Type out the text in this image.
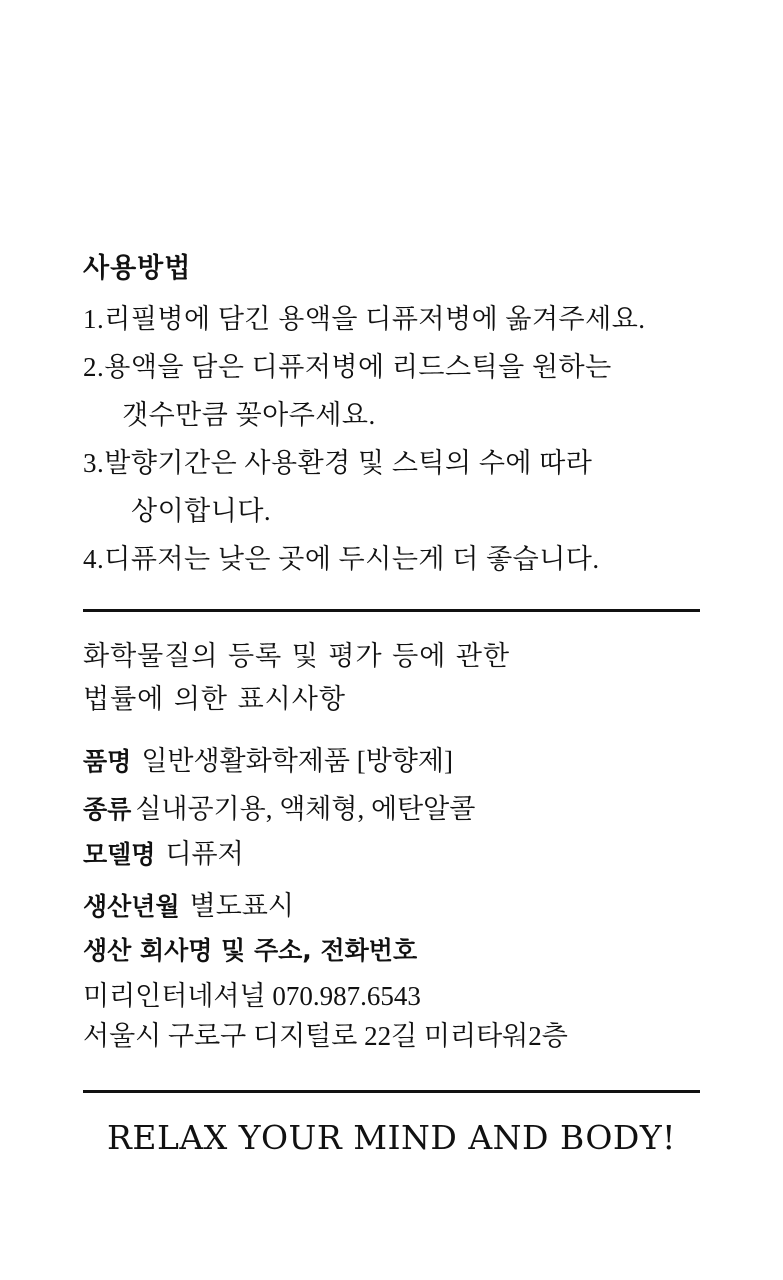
사용방법
1.리필병에 담긴 용액을 디퓨저병에 옮겨주세요.
2.용액을 담은 디퓨저병에 리드스틱을 원하는
갯수만큼 꽂아주세요.
3.발향기간은 사용환경 및 스틱의 수에 따라
상이합니다.
4.디퓨저는 낮은 곳에 두시는게 더 좋습니다.
화학물질의 등록 및 평가 등에 관한
법률에 의한 표시사항
품명 일반생활화학제품 [방향제]
종류 실내공기용, 액체형, 에탄알콜
모델명 디퓨저
생산년월 별도표시
생산 회사명 및 주소, 전화번호
미리인터네셔널 070.987.6543
서울시 구로구 디지털로 22길 미리타워2층
RELAX YOUR MIND AND BODY!
